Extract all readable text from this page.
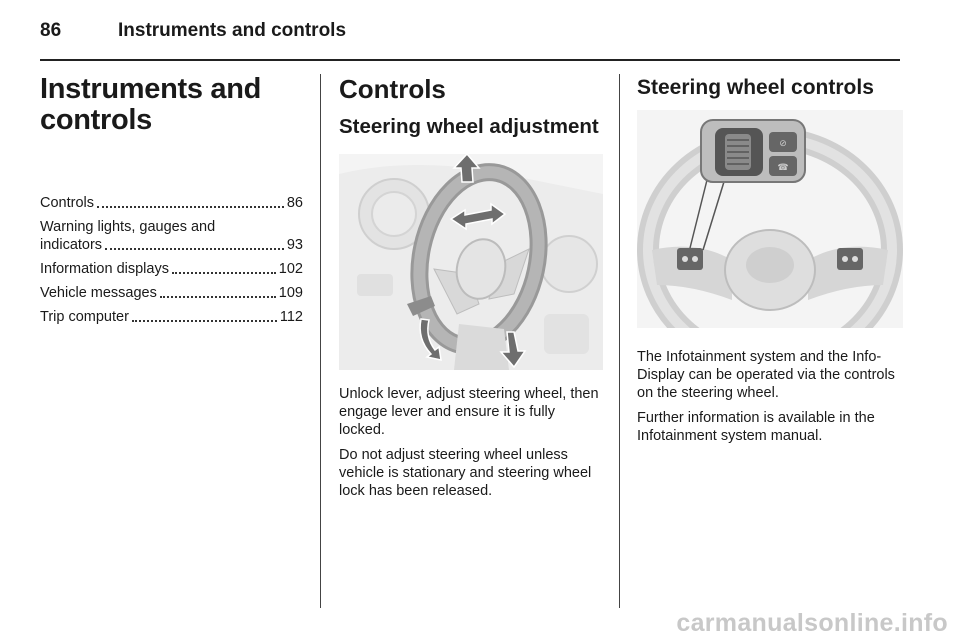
86	Instruments and controls
Instruments and
controls
Controls	86
Warning lights, gauges and
indicators	93
Information displays	102
Vehicle messages	109
Trip computer	112
Controls
Steering wheel adjustment

Unlock lever, adjust steering wheel, then engage lever and ensure it is fully locked.

Do not adjust steering wheel unless vehicle is stationary and steering wheel lock has been released.

Steering wheel controls
⊘
☎

The Infotainment system and the Info-Display can be operated via the controls on the steering wheel.

Further information is available in the Infotainment system manual.

carmanualsonline.info
